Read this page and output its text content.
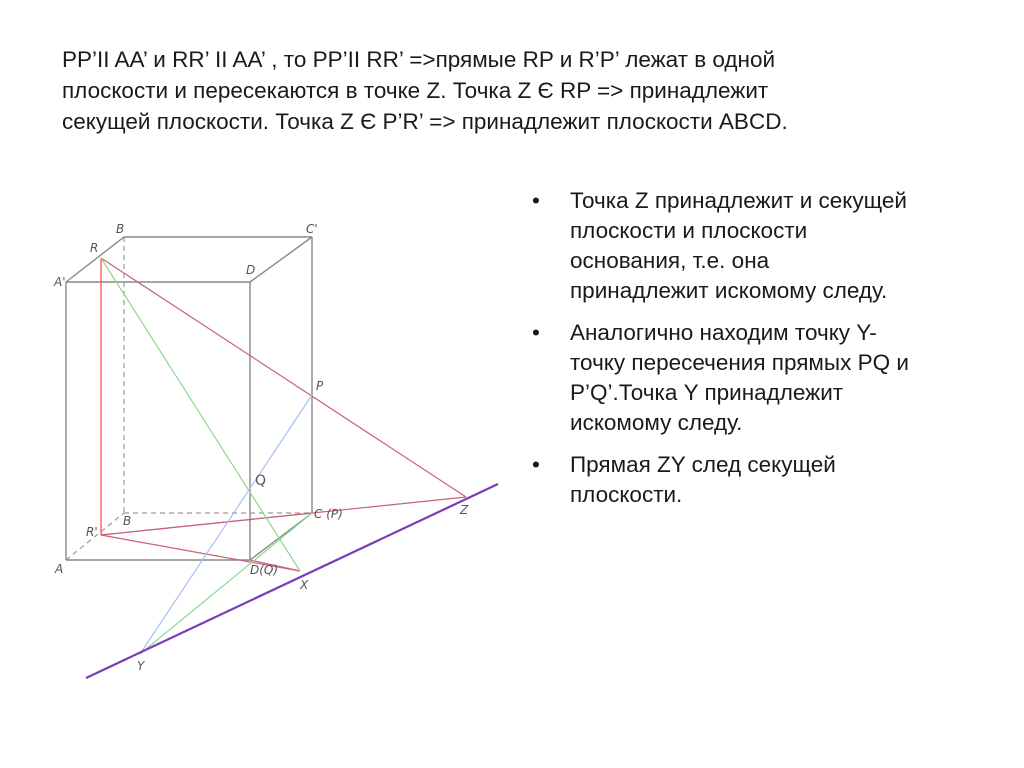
PP’II AA’ и RR’ II AA’ , то PP’II RR’ =>прямые RP и R’P’ лежат в одной
плоскости и пересекаются в точке Z. Точка Z Є RP => принадлежит
секущей плоскости. Точка Z Є P’R’ => принадлежит плоскости ABCD.

R
B	C'
A'
D
P
Q
R'
B	C (P)	Z
A	D(Q)
X
Y
• Точка Z принадлежит и секущей
плоскости и плоскости
основания, т.е. она
принадлежит искомому следу.
• Аналогично находим точку Y-
точку пересечения прямых PQ и
P’Q’.Точка Y принадлежит
искомому следу.
• Прямая ZY след секущей
плоскости.
